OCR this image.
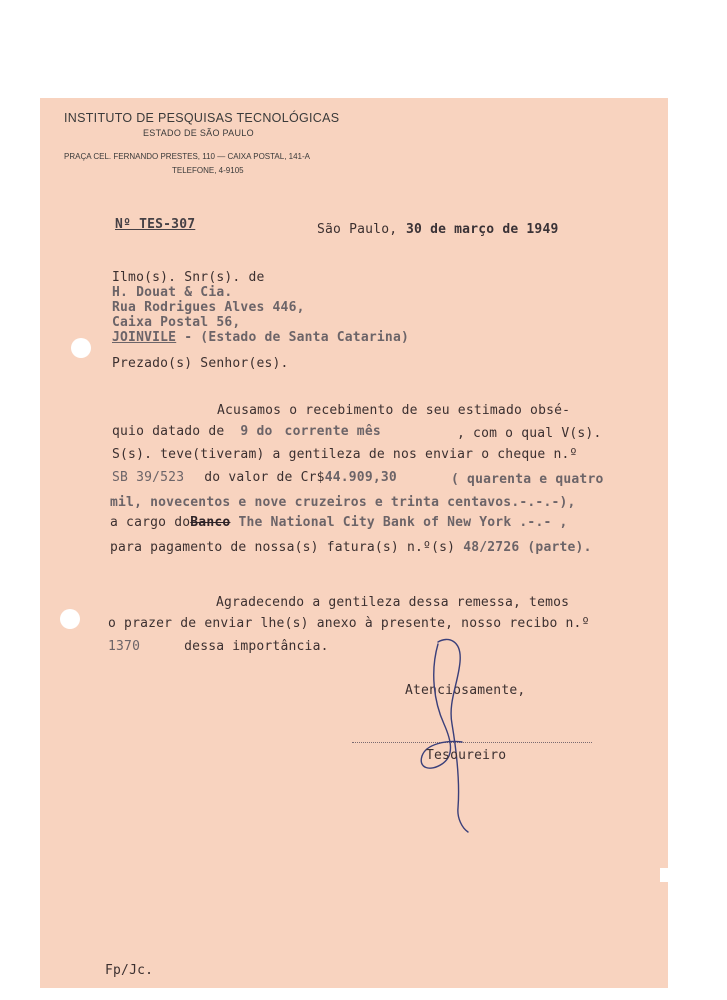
INSTITUTO DE PESQUISAS TECNOLÓGICAS
ESTADO DE SÃO PAULO
PRAÇA CEL. FERNANDO PRESTES, 110 — CAIXA POSTAL, 141-A
TELEFONE, 4-9105
Nº TES-307	São Paulo, 30 de março de 1949
Ilmo(s). Snr(s). de
H. Douat & Cia.
Rua Rodrigues Alves 446,
Caixa Postal 56,
JOINVILE - (Estado de Santa Catarina)
Prezado(s) Senhor(es).
Acusamos o recebimento de seu estimado obsé-
quio datado de 9 do corrente mês	, com o qual V(s).
S(s). teve(tiveram) a gentileza de nos enviar o cheque n.º
SB 39/523 do valor de Cr$44.909,30	( quarenta e quatro
mil, novecentos e nove cruzeiros e trinta centavos.-.-.-),
a cargo doBanco The National City Bank of New York .-.- ,
para pagamento de nossa(s) fatura(s) n.º(s) 48/2726 (parte).
Agradecendo a gentileza dessa remessa, temos
o prazer de enviar lhe(s) anexo à presente, nosso recibo n.º
1370	dessa importância.
Atenciosamente,
Tesoureiro
Fp/Jc.
